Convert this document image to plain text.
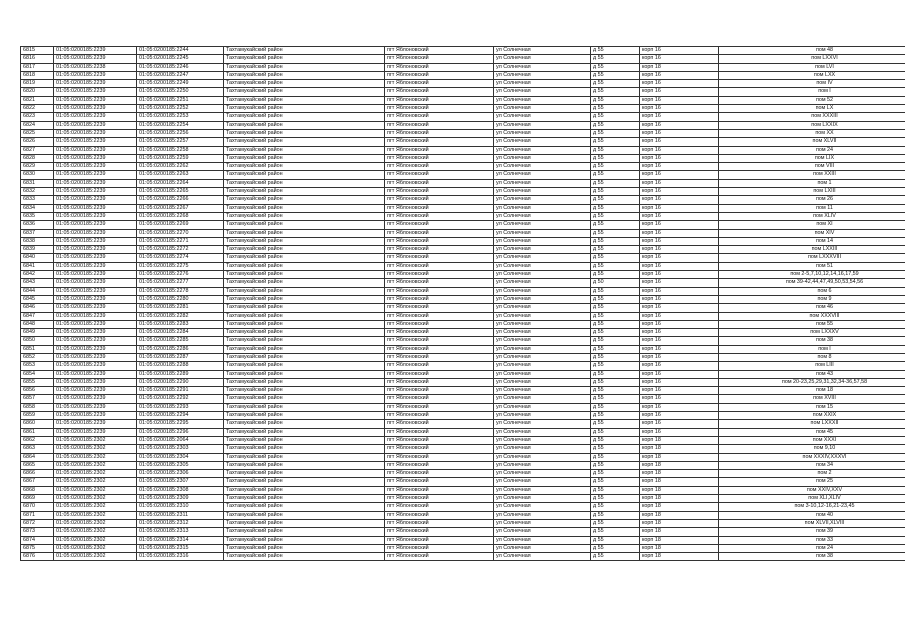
6815	01:05:0200185:2239	01:05:0200185:2244	Тахтамукайский район	пгт Яблоновский	ул Солнечная	д 55	корп 16	пом 48
6816	01:05:0200185:2239	01:05:0200185:2245	Тахтамукайский район	пгт Яблоновский	ул Солнечная	д 55	корп 16	пом LXXVI
6817	01:05:0200185:2238	01:05:0200185:2246	Тахтамукайский район	пгт Яблоновский	ул Солнечная	д 55	корп 18	пом LVI
6818	01:05:0200185:2239	01:05:0200185:2247	Тахтамукайский район	пгт Яблоновский	ул Солнечная	д 55	корп 16	пом LXX
6819	01:05:0200185:2239	01:05:0200185:2249	Тахтамукайский район	пгт Яблоновский	ул Солнечная	д 55	корп 16	пом IV
6820	01:05:0200185:2239	01:05:0200185:2250	Тахтамукайский район	пгт Яблоновский	ул Солнечная	д 55	корп 16	пом I
6821	01:05:0200185:2239	01:05:0200185:2251	Тахтамукайский район	пгт Яблоновский	ул Солнечная	д 55	корп 16	пом 52
6822	01:05:0200185:2239	01:05:0200185:2252	Тахтамукайский район	пгт Яблоновский	ул Солнечная	д 55	корп 16	пом LX
6823	01:05:0200185:2239	01:05:0200185:2253	Тахтамукайский район	пгт Яблоновский	ул Солнечная	д 55	корп 16	пом XXXIII
6824	01:05:0200185:2239	01:05:0200185:2254	Тахтамукайский район	пгт Яблоновский	ул Солнечная	д 55	корп 16	пом LXXIX
6825	01:05:0200185:2239	01:05:0200185:2256	Тахтамукайский район	пгт Яблоновский	ул Солнечная	д 55	корп 16	пом XX
6826	01:05:0200185:2239	01:05:0200185:2257	Тахтамукайский район	пгт Яблоновский	ул Солнечная	д 55	корп 16	пом XLVII
6827	01:05:0200185:2239	01:05:0200185:2258	Тахтамукайский район	пгт Яблоновский	ул Солнечная	д 55	корп 16	пом 24
6828	01:05:0200185:2239	01:05:0200185:2259	Тахтамукайский район	пгт Яблоновский	ул Солнечная	д 55	корп 16	пом LIX
6829	01:05:0200185:2239	01:05:0200185:2262	Тахтамукайский район	пгт Яблоновский	ул Солнечная	д 55	корп 16	пом VIII
6830	01:05:0200185:2239	01:05:0200185:2263	Тахтамукайский район	пгт Яблоновский	ул Солнечная	д 55	корп 16	пом XXIII
6831	01:05:0200185:2239	01:05:0200185:2264	Тахтамукайский район	пгт Яблоновский	ул Солнечная	д 55	корп 16	пом 1
6832	01:05:0200185:2239	01:05:0200185:2265	Тахтамукайский район	пгт Яблоновский	ул Солнечная	д 55	корп 16	пом LXIII
6833	01:05:0200185:2239	01:05:0200185:2266	Тахтамукайский район	пгт Яблоновский	ул Солнечная	д 55	корп 16	пом 26
6834	01:05:0200185:2239	01:05:0200185:2267	Тахтамукайский район	пгт Яблоновский	ул Солнечная	д 55	корп 16	пом 11
6835	01:05:0200185:2239	01:05:0200185:2268	Тахтамукайский район	пгт Яблоновский	ул Солнечная	д 55	корп 16	пом XLIV
6836	01:05:0200185:2239	01:05:0200185:2269	Тахтамукайский район	пгт Яблоновский	ул Солнечная	д 55	корп 16	пом XI
6837	01:05:0200185:2239	01:05:0200185:2270	Тахтамукайский район	пгт Яблоновский	ул Солнечная	д 55	корп 16	пом XIV
6838	01:05:0200185:2239	01:05:0200185:2271	Тахтамукайский район	пгт Яблоновский	ул Солнечная	д 55	корп 16	пом 14
6839	01:05:0200185:2239	01:05:0200185:2272	Тахтамукайский район	пгт Яблоновский	ул Солнечная	д 55	корп 16	пом LXXIII
6840	01:05:0200185:2239	01:05:0200185:2274	Тахтамукайский район	пгт Яблоновский	ул Солнечная	д 55	корп 16	пом LXXXVIII
6841	01:05:0200185:2239	01:05:0200185:2275	Тахтамукайский район	пгт Яблоновский	ул Солнечная	д 55	корп 16	пом 51
6842	01:05:0200185:2239	01:05:0200185:2276	Тахтамукайский район	пгт Яблоновский	ул Солнечная	д 55	корп 16	пом 2-5,7,10,12,14,16,17,59
6843	01:05:0200185:2239	01:05:0200185:2277	Тахтамукайский район	пгт Яблоновский	ул Солнечная	д 50	корп 16	пом 39-42,44,47,49,50,53,54,56
6844	01:05:0200185:2239	01:05:0200185:2278	Тахтамукайский район	пгт Яблоновский	ул Солнечная	д 55	корп 16	пом 6
6845	01:05:0200185:2239	01:05:0200185:2280	Тахтамукайский район	пгт Яблоновский	ул Солнечная	д 55	корп 16	пом 9
6846	01:05:0200185:2239	01:05:0200185:2281	Тахтамукайский район	пгт Яблоновский	ул Солнечная	д 55	корп 16	пом 46
6847	01:05:0200185:2239	01:05:0200185:2282	Тахтамукайский район	пгт Яблоновский	ул Солнечная	д 55	корп 16	пом XXXVIII
6848	01:05:0200185:2239	01:05:0200185:2283	Тахтамукайский район	пгт Яблоновский	ул Солнечная	д 55	корп 16	пом 55
6849	01:05:0200185:2239	01:05:0200185:2284	Тахтамукайский район	пгт Яблоновский	ул Солнечная	д 55	корп 16	пом LXXXV
6850	01:05:0200185:2239	01:05:0200185:2285	Тахтамукайский район	пгт Яблоновский	ул Солнечная	д 55	корп 16	пом 38
6851	01:05:0200185:2239	01:05:0200185:2286	Тахтамукайский район	пгт Яблоновский	ул Солнечная	д 55	корп 16	пом I
6852	01:05:0200185:2239	01:05:0200185:2287	Тахтамукайский район	пгт Яблоновский	ул Солнечная	д 55	корп 16	пом 8
6853	01:05:0200185:2239	01:05:0200185:2288	Тахтамукайский район	пгт Яблоновский	ул Солнечная	д 55	корп 16	пом LIII
6854	01:05:0200185:2239	01:05:0200185:2289	Тахтамукайский район	пгт Яблоновский	ул Солнечная	д 55	корп 16	пом 43
6855	01:05:0200185:2239	01:05:0200185:2290	Тахтамукайский район	пгт Яблоновский	ул Солнечная	д 55	корп 16	пом 20-23,25,29,31,32,34-36,57,58
6856	01:05:0200185:2239	01:05:0200185:2291	Тахтамукайский район	пгт Яблоновский	ул Солнечная	д 55	корп 16	пом 18
6857	01:05:0200185:2239	01:05:0200185:2292	Тахтамукайский район	пгт Яблоновский	ул Солнечная	д 55	корп 16	пом XVIII
6858	01:05:0200185:2239	01:05:0200185:2293	Тахтамукайский район	пгт Яблоновский	ул Солнечная	д 55	корп 16	пом 15
6859	01:05:0200185:2239	01:05:0200185:2294	Тахтамукайский район	пгт Яблоновский	ул Солнечная	д 55	корп 16	пом XXIX
6860	01:05:0200185:2239	01:05:0200185:2295	Тахтамукайский район	пгт Яблоновский	ул Солнечная	д 55	корп 16	пом LXXXII
6861	01:05:0200185:2239	01:05:0200185:2296	Тахтамукайский район	пгт Яблоновский	ул Солнечная	д 55	корп 16	пом 45
6862	01:05:0200185:2302	01:05:0200185:2064	Тахтамукайский район	пгт Яблоновский	ул Солнечная	д 55	корп 18	пом XXXI
6863	01:05:0200185:2302	01:05:0200185:2303	Тахтамукайский район	пгт Яблоновский	ул Солнечная	д 55	корп 18	пом 9,10
6864	01:05:0200185:2302	01:05:0200185:2304	Тахтамукайский район	пгт Яблоновский	ул Солнечная	д 55	корп 18	пом XXXIV,XXXVI
6865	01:05:0200185:2302	01:05:0200185:2305	Тахтамукайский район	пгт Яблоновский	ул Солнечная	д 55	корп 18	пом 34
6866	01:05:0200185:2302	01:05:0200185:2306	Тахтамукайский район	пгт Яблоновский	ул Солнечная	д 55	корп 18	пом 2
6867	01:05:0200185:2302	01:05:0200185:2307	Тахтамукайский район	пгт Яблоновский	ул Солнечная	д 55	корп 18	пом 25
6868	01:05:0200185:2302	01:05:0200185:2308	Тахтамукайский район	пгт Яблоновский	ул Солнечная	д 55	корп 18	пом XXIV,XXV
6869	01:05:0200185:2302	01:05:0200185:2309	Тахтамукайский район	пгт Яблоновский	ул Солнечная	д 55	корп 18	пом XLI,XLIV
6870	01:05:0200185:2302	01:05:0200185:2310	Тахтамукайский район	пгт Яблоновский	ул Солнечная	д 55	корп 18	пом 3-10,12-16,21-23,45
6871	01:05:0200185:2302	01:05:0200185:2311	Тахтамукайский район	пгт Яблоновский	ул Солнечная	д 55	корп 18	пом 40
6872	01:05:0200185:2302	01:05:0200185:2312	Тахтамукайский район	пгт Яблоновский	ул Солнечная	д 55	корп 18	пом XLVII,XLVIII
6873	01:05:0200185:2302	01:05:0200185:2313	Тахтамукайский район	пгт Яблоновский	ул Солнечная	д 55	корп 18	пом 39
6874	01:05:0200185:2302	01:05:0200185:2314	Тахтамукайский район	пгт Яблоновский	ул Солнечная	д 55	корп 18	пом 33
6875	01:05:0200185:2302	01:05:0200185:2315	Тахтамукайский район	пгт Яблоновский	ул Солнечная	д 55	корп 18	пом 24
6876	01:05:0200185:2302	01:05:0200185:2316	Тахтамукайский район	пгт Яблоновский	ул Солнечная	д 55	корп 18	пом 38
